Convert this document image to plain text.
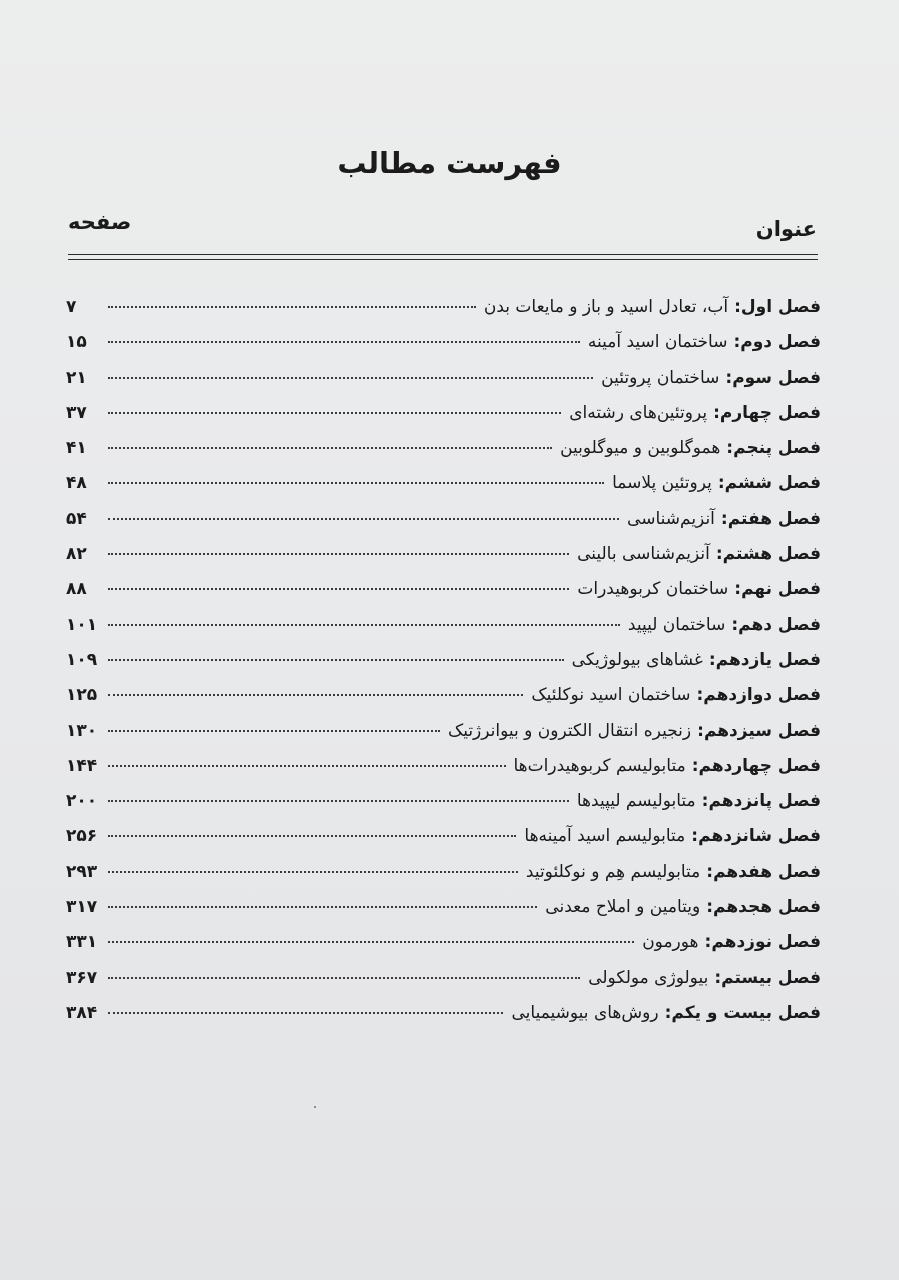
فهرست مطالب
عنوان
صفحه
فصل اول
:
آب، تعادل اسید و باز و مایعات بدن
۷
فصل دوم
:
ساختمان اسید آمینه
۱۵
فصل سوم
:
ساختمان پروتئین
۲۱
فصل چهارم
:
پروتئین‌های رشته‌ای
۳۷
فصل پنجم
:
هموگلوبین و میوگلوبین
۴۱
فصل ششم
:
پروتئین پلاسما
۴۸
فصل هفتم
:
آنزیم‌شناسی
۵۴
فصل هشتم
:
آنزیم‌شناسی بالینی
۸۲
فصل نهم
:
ساختمان کربوهیدرات
۸۸
فصل دهم
:
ساختمان لیپید
۱۰۱
فصل یازدهم
:
غشاهای بیولوژیکی
۱۰۹
فصل دوازدهم
:
ساختمان اسید نوکلئیک
۱۲۵
فصل سیزدهم
:
زنجیره انتقال الکترون و بیوانرژتیک
۱۳۰
فصل چهاردهم
:
متابولیسم کربوهیدرات‌ها
۱۴۴
فصل پانزدهم
:
متابولیسم لیپیدها
۲۰۰
فصل شانزدهم
:
متابولیسم اسید آمینه‌ها
۲۵۶
فصل هفدهم
:
متابولیسم هِم و نوکلئوتید
۲۹۳
فصل هجدهم
:
ویتامین و املاح معدنی
۳۱۷
فصل نوزدهم
:
هورمون
۳۳۱
فصل بیستم
:
بیولوژی مولکولی
۳۶۷
فصل بیست و یکم
:
روش‌های بیوشیمیایی
۳۸۴
